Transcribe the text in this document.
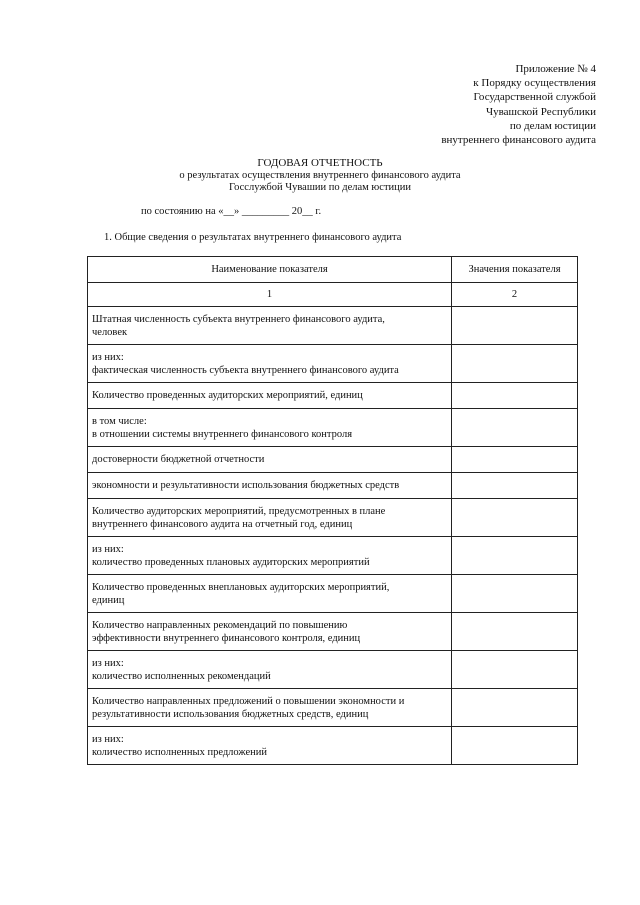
Приложение № 4
к Порядку осуществления
Государственной службой
Чувашской Республики
по делам юстиции
внутреннего финансового аудита
ГОДОВАЯ ОТЧЕТНОСТЬ
о результатах осуществления внутреннего финансового аудита
Госслужбой Чувашии по делам юстиции
по состоянию на «__» _________ 20__ г.
1. Общие сведения о результатах внутреннего финансового аудита
Наименование показателя	Значения показателя
1	2

Штатная численность субъекта внутреннего финансового аудита,
человек	

из них:
фактическая численность субъекта внутреннего финансового аудита	

Количество проведенных аудиторских мероприятий, единиц	

в том числе:
в отношении системы внутреннего финансового контроля	

достоверности бюджетной отчетности	

экономности и результативности использования бюджетных средств	

Количество аудиторских мероприятий, предусмотренных в плане
внутреннего финансового аудита на отчетный год, единиц	

из них:
количество проведенных плановых аудиторских мероприятий	

Количество проведенных внеплановых аудиторских мероприятий,
единиц	

Количество направленных рекомендаций по повышению
эффективности внутреннего финансового контроля, единиц	

из них:
количество исполненных рекомендаций	

Количество направленных предложений о повышении экономности и
результативности использования бюджетных средств, единиц	

из них:
количество исполненных предложений	
